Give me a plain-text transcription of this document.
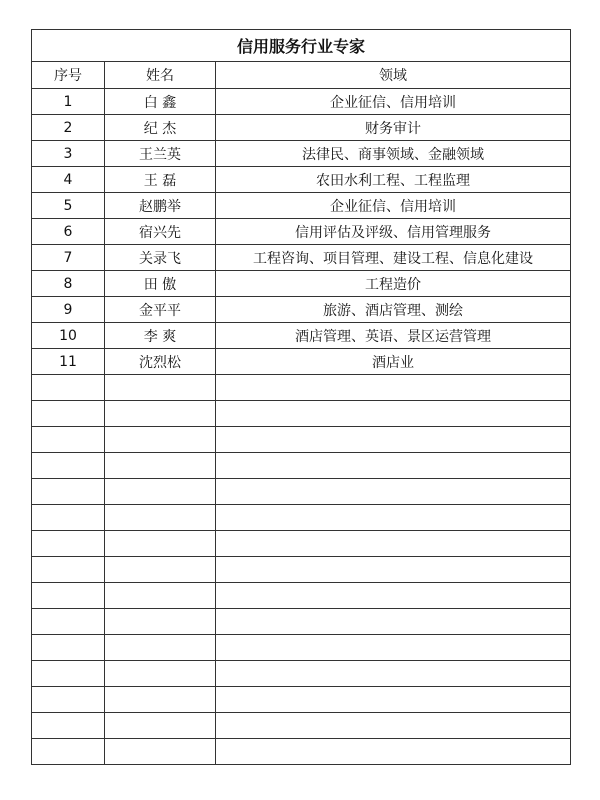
信用服务行业专家		
序号	姓名	领域
1	白 鑫	企业征信、信用培训
2	纪 杰	财务审计
3	王兰英	法律民、商事领域、金融领域
4	王 磊	农田水利工程、工程监理
5	赵鹏举	企业征信、信用培训
6	宿兴先	信用评估及评级、信用管理服务
7	关录飞	工程咨询、项目管理、建设工程、信息化建设
8	田 傲	工程造价
9	金平平	旅游、酒店管理、测绘
10	李 爽	酒店管理、英语、景区运营管理
11	沈烈松	酒店业
